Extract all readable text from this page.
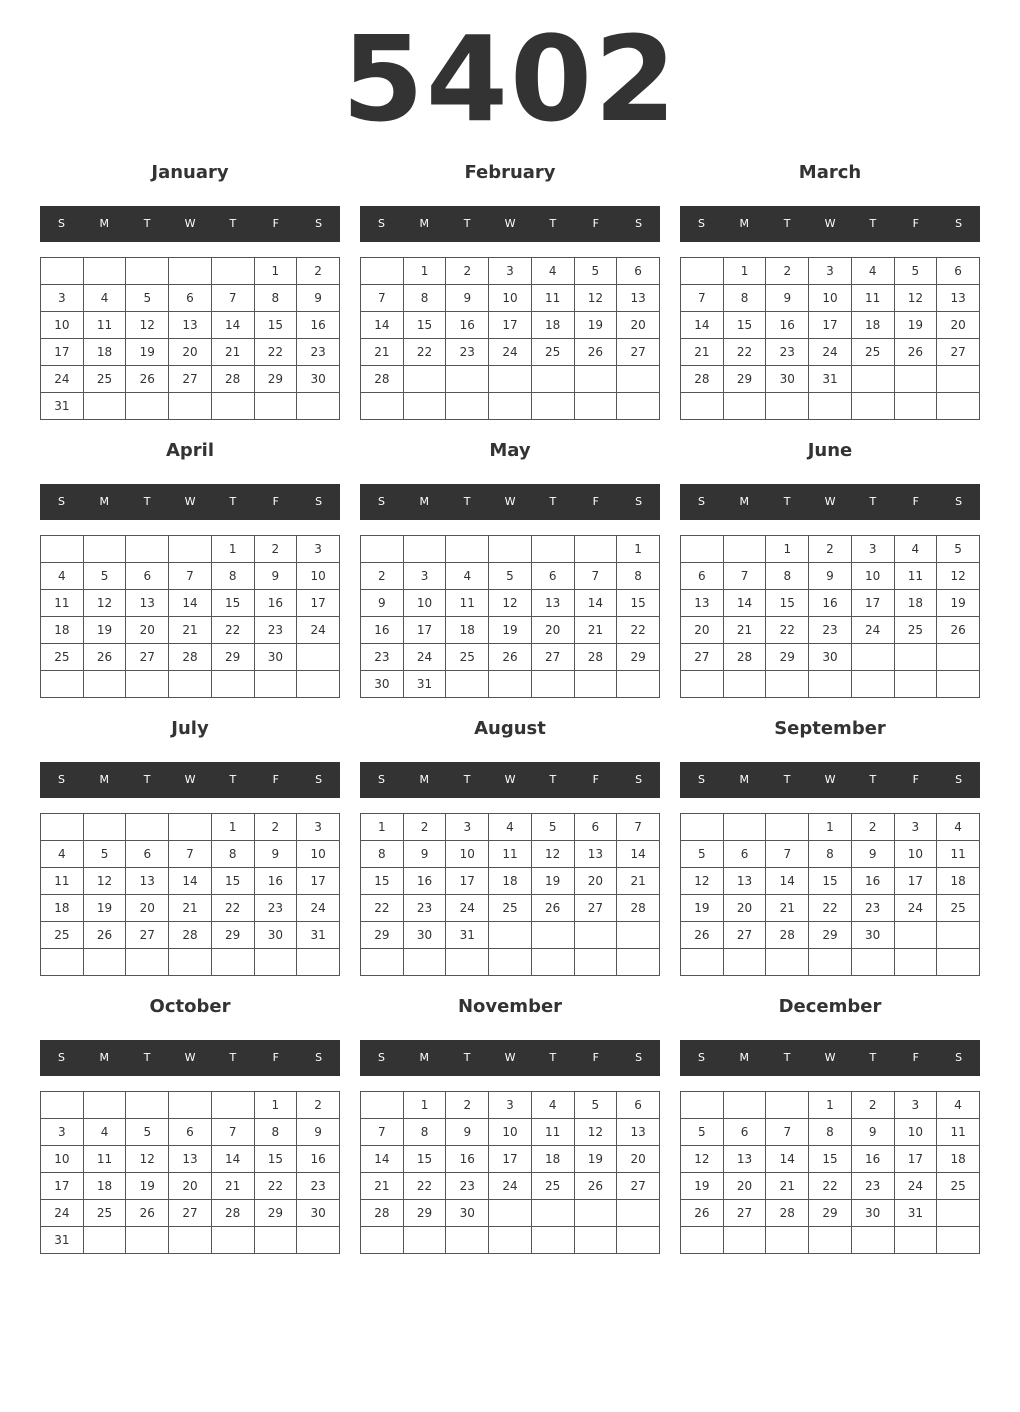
5402
January
S	M	T	W	T	F	S
					1	2
3	4	5	6	7	8	9
10	11	12	13	14	15	16
17	18	19	20	21	22	23
24	25	26	27	28	29	30
31						
February
S	M	T	W	T	F	S
	1	2	3	4	5	6
7	8	9	10	11	12	13
14	15	16	17	18	19	20
21	22	23	24	25	26	27
28						

March
S	M	T	W	T	F	S
	1	2	3	4	5	6
7	8	9	10	11	12	13
14	15	16	17	18	19	20
21	22	23	24	25	26	27
28	29	30	31			

April
S	M	T	W	T	F	S
				1	2	3
4	5	6	7	8	9	10
11	12	13	14	15	16	17
18	19	20	21	22	23	24
25	26	27	28	29	30	

May
S	M	T	W	T	F	S
						1
2	3	4	5	6	7	8
9	10	11	12	13	14	15
16	17	18	19	20	21	22
23	24	25	26	27	28	29
30	31					
June
S	M	T	W	T	F	S
		1	2	3	4	5
6	7	8	9	10	11	12
13	14	15	16	17	18	19
20	21	22	23	24	25	26
27	28	29	30			

July
S	M	T	W	T	F	S
				1	2	3
4	5	6	7	8	9	10
11	12	13	14	15	16	17
18	19	20	21	22	23	24
25	26	27	28	29	30	31

August
S	M	T	W	T	F	S
1	2	3	4	5	6	7
8	9	10	11	12	13	14
15	16	17	18	19	20	21
22	23	24	25	26	27	28
29	30	31				

September
S	M	T	W	T	F	S
			1	2	3	4
5	6	7	8	9	10	11
12	13	14	15	16	17	18
19	20	21	22	23	24	25
26	27	28	29	30		

October
S	M	T	W	T	F	S
					1	2
3	4	5	6	7	8	9
10	11	12	13	14	15	16
17	18	19	20	21	22	23
24	25	26	27	28	29	30
31						
November
S	M	T	W	T	F	S
	1	2	3	4	5	6
7	8	9	10	11	12	13
14	15	16	17	18	19	20
21	22	23	24	25	26	27
28	29	30				

December
S	M	T	W	T	F	S
			1	2	3	4
5	6	7	8	9	10	11
12	13	14	15	16	17	18
19	20	21	22	23	24	25
26	27	28	29	30	31	
